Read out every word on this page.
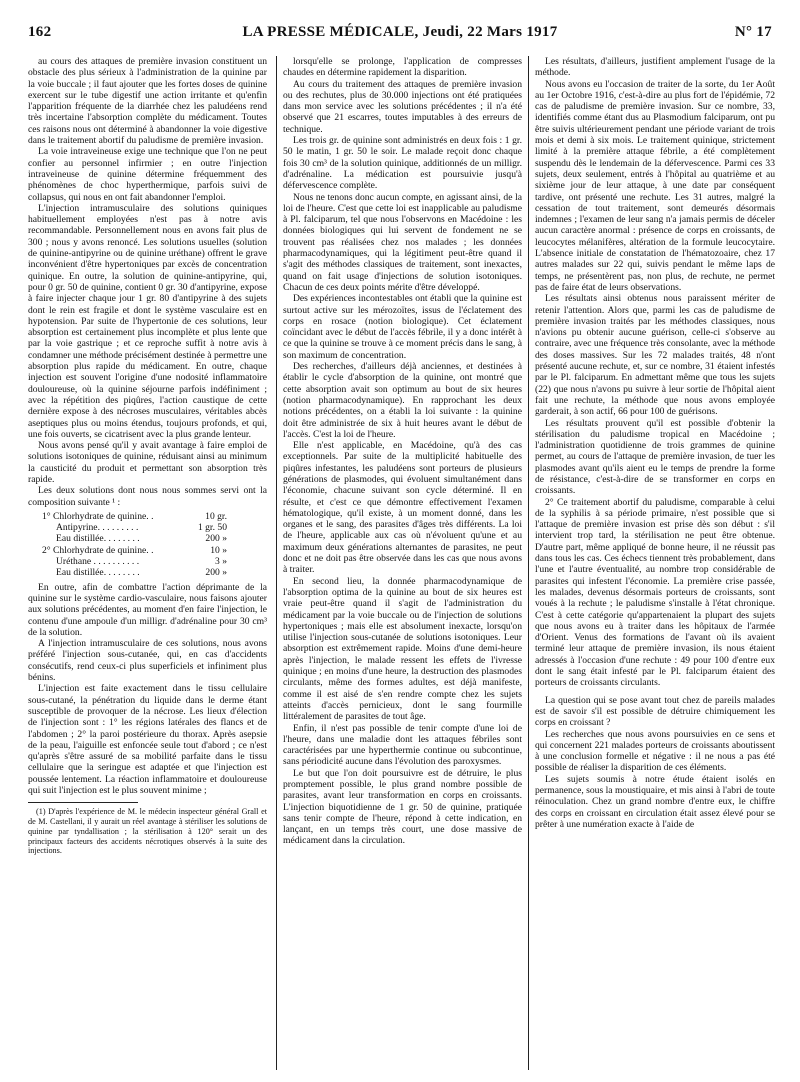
162	LA PRESSE MÉDICALE, Jeudi, 22 Mars 1917	N° 17

au cours des attaques de première invasion constituent un obstacle des plus sérieux à l'administration de la quinine par la voie buccale ; il faut ajouter que les fortes doses de quinine exercent sur le tube digestif une action irritante et qu'enfin l'apparition fréquente de la diarrhée chez les paludéens rend très incertaine l'absorption complète du médicament. Toutes ces raisons nous ont déterminé à abandonner la voie digestive dans le traitement abortif du paludisme de première invasion.

La voie intraveineuse exige une technique que l'on ne peut confier au personnel infirmier ; en outre l'injection intraveineuse de quinine détermine fréquemment des phénomènes de choc hyperthermique, parfois suivi de collapsus, qui nous en ont fait abandonner l'emploi.

L'injection intramusculaire des solutions quiniques habituellement employées n'est pas à notre avis recommandable. Personnellement nous en avons fait plus de 300 ; nous y avons renoncé. Les solutions usuelles (solution de quinine-antipyrine ou de quinine uréthane) offrent le grave inconvénient d'être hypertoniques par excès de concentration quinique. En outre, la solution de quinine-antipyrine, qui, pour 0 gr. 50 de quinine, contient 0 gr. 30 d'antipyrine, expose à faire injecter chaque jour 1 gr. 80 d'antipyrine à des sujets dont le rein est fragile et dont le système vasculaire est en hypotension. Par suite de l'hypertonie de ces solutions, leur absorption est certainement plus incomplète et plus lente que par la voie gastrique ; et ce reproche suffit à notre avis à condamner une méthode précisément destinée à permettre une absorption plus rapide du médicament. En outre, chaque injection est souvent l'origine d'une nodosité inflammatoire douloureuse, où la quinine séjourne parfois indéfiniment ; avec la répétition des piqûres, l'action caustique de cette dernière expose à des nécroses musculaires, véritables abcès aseptiques plus ou moins étendus, toujours profonds, et qui, une fois ouverts, se cicatrisent avec la plus grande lenteur.

Nous avons pensé qu'il y avait avantage à faire emploi de solutions isotoniques de quinine, réduisant ainsi au minimum la causticité du produit et permettant son absorption très rapide.

Les deux solutions dont nous nous sommes servi ont la composition suivante ¹ :

1° Chlorhydrate de quinine. .	10 gr.
Antipyrine. . . . . . . . .	1 gr. 50
Eau distillée. . . . . . . .	200 »
2° Chlorhydrate de quinine. .	10 »
Uréthane . . . . . . . . . .	3 »
Eau distillée. . . . . . . .	200 »

En outre, afin de combattre l'action déprimante de la quinine sur le système cardio-vasculaire, nous faisons ajouter aux solutions précédentes, au moment d'en faire l'injection, le contenu d'une ampoule d'un milligr. d'adrénaline pour 30 cm³ de la solution.

A l'injection intramusculaire de ces solutions, nous avons préféré l'injection sous-cutanée, qui, en cas d'accidents consécutifs, rend ceux-ci plus superficiels et infiniment plus bénins.

L'injection est faite exactement dans le tissu cellulaire sous-cutané, la pénétration du liquide dans le derme étant susceptible de provoquer de la nécrose. Les lieux d'élection de l'injection sont : 1° les régions latérales des flancs et de l'abdomen ; 2° la paroi postérieure du thorax. Après asepsie de la peau, l'aiguille est enfoncée seule tout d'abord ; ce n'est qu'après s'être assuré de sa mobilité parfaite dans le tissu cellulaire que la seringue est adaptée et que l'injection est poussée lentement. La réaction inflammatoire et douloureuse qui suit l'injection est le plus souvent minime ;

(1) D'après l'expérience de M. le médecin inspecteur général Grall et de M. Castellani, il y aurait un réel avantage à stériliser les solutions de quinine par tyndallisation ; la stérilisation à 120° serait un des principaux facteurs des accidents nécrotiques observés à la suite des injections.

lorsqu'elle se prolonge, l'application de compresses chaudes en détermine rapidement la disparition.

Au cours du traitement des attaques de première invasion ou des rechutes, plus de 30.000 injections ont été pratiquées dans mon service avec les solutions précédentes ; il n'a été observé que 21 escarres, toutes imputables à des erreurs de technique.

Les trois gr. de quinine sont administrés en deux fois : 1 gr. 50 le matin, 1 gr. 50 le soir. Le malade reçoit donc chaque fois 30 cm³ de la solution quinique, additionnés de un milligr. d'adrénaline. La médication est poursuivie jusqu'à défervescence complète.

Nous ne tenons donc aucun compte, en agissant ainsi, de la loi de l'heure. C'est que cette loi est inapplicable au paludisme à Pl. falciparum, tel que nous l'observons en Macédoine : les données biologiques qui lui servent de fondement ne se trouvent pas réalisées chez nos malades ; les données pharmacodynamiques, qui la légitiment peut-être quand il s'agit des méthodes classiques de traitement, sont inexactes, quand on fait usage d'injections de solution isotoniques. Chacun de ces deux points mérite d'être développé.

Des expériences incontestables ont établi que la quinine est surtout active sur les mérozoïtes, issus de l'éclatement des corps en rosace (notion biologique). Cet éclatement coïncidant avec le début de l'accès fébrile, il y a donc intérêt à ce que la quinine se trouve à ce moment précis dans le sang, à son maximum de concentration.

Des recherches, d'ailleurs déjà anciennes, et destinées à établir le cycle d'absorption de la quinine, ont montré que cette absorption avait son optimum au bout de six heures (notion pharmacodynamique). En rapprochant les deux notions précédentes, on a établi la loi suivante : la quinine doit être administrée de six à huit heures avant le début de l'accès. C'est la loi de l'heure.

Elle n'est applicable, en Macédoine, qu'à des cas exceptionnels. Par suite de la multiplicité habituelle des piqûres infestantes, les paludéens sont porteurs de plusieurs générations de plasmodes, qui évoluent simultanément dans l'économie, chacune suivant son cycle déterminé. Il en résulte, et c'est ce que démontre effectivement l'examen hématologique, qu'il existe, à un moment donné, dans les organes et le sang, des parasites d'âges très différents. La loi de l'heure, applicable aux cas où n'évoluent qu'une et au maximum deux générations alternantes de parasites, ne peut donc et ne doit pas être observée dans les cas que nous avons à traiter.

En second lieu, la donnée pharmacodynamique de l'absorption optima de la quinine au bout de six heures est vraie peut-être quand il s'agit de l'administration du médicament par la voie buccale ou de l'injection de solutions hypertoniques ; mais elle est absolument inexacte, lorsqu'on utilise l'injection sous-cutanée de solutions isotoniques. Leur absorption est extrêmement rapide. Moins d'une demi-heure après l'injection, le malade ressent les effets de l'ivresse quinique ; en moins d'une heure, la destruction des plasmodes circulants, même des formes adultes, est déjà manifeste, comme il est aisé de s'en rendre compte chez les sujets atteints d'accès pernicieux, dont le sang fourmille littéralement de parasites de tout âge.

Enfin, il n'est pas possible de tenir compte d'une loi de l'heure, dans une maladie dont les attaques fébriles sont caractérisées par une hyperthermie continue ou subcontinue, sans périodicité aucune dans l'évolution des paroxysmes.

Le but que l'on doit poursuivre est de détruire, le plus promptement possible, le plus grand nombre possible de parasites, avant leur transformation en corps en croissants. L'injection biquotidienne de 1 gr. 50 de quinine, pratiquée sans tenir compte de l'heure, répond à cette indication, en lançant, en un temps très court, une dose massive de médicament dans la circulation.

Les résultats, d'ailleurs, justifient amplement l'usage de la méthode.

Nous avons eu l'occasion de traiter de la sorte, du 1er Août au 1er Octobre 1916, c'est-à-dire au plus fort de l'épidémie, 72 cas de paludisme de première invasion. Sur ce nombre, 33, identifiés comme étant dus au Plasmodium falciparum, ont pu être suivis ultérieurement pendant une période variant de trois mois et demi à six mois. Le traitement quinique, strictement limité à la première attaque fébrile, a été complètement suspendu dès le lendemain de la défervescence. Parmi ces 33 sujets, deux seulement, entrés à l'hôpital au quatrième et au sixième jour de leur attaque, à une date par conséquent tardive, ont présenté une rechute. Les 31 autres, malgré la cessation de tout traitement, sont demeurés désormais indemnes ; l'examen de leur sang n'a jamais permis de déceler aucun caractère anormal : présence de corps en croissants, de leucocytes mélanifères, altération de la formule leucocytaire. L'absence initiale de constatation de l'hématozoaire, chez 17 autres malades sur 22 qui, suivis pendant le même laps de temps, ne présentèrent pas, non plus, de rechute, ne permet pas de faire état de leurs observations.

Les résultats ainsi obtenus nous paraissent mériter de retenir l'attention. Alors que, parmi les cas de paludisme de première invasion traités par les méthodes classiques, nous n'avions pu obtenir aucune guérison, celle-ci s'observe au contraire, avec une fréquence très consolante, avec la méthode des doses massives. Sur les 72 malades traités, 48 n'ont présenté aucune rechute, et, sur ce nombre, 31 étaient infestés par le Pl. falciparum. En admettant même que tous les sujets (22) que nous n'avons pu suivre à leur sortie de l'hôpital aient fait une rechute, la méthode que nous avons employée garderait, à son actif, 66 pour 100 de guérisons.

Les résultats prouvent qu'il est possible d'obtenir la stérilisation du paludisme tropical en Macédoine ; l'administration quotidienne de trois grammes de quinine permet, au cours de l'attaque de première invasion, de tuer les plasmodes avant qu'ils aient eu le temps de prendre la forme de résistance, c'est-à-dire de se transformer en corps en croissants.

2° Ce traitement abortif du paludisme, comparable à celui de la syphilis à sa période primaire, n'est possible que si l'attaque de première invasion est prise dès son début : s'il intervient trop tard, la stérilisation ne peut être obtenue. D'autre part, même appliqué de bonne heure, il ne réussit pas dans tous les cas. Ces échecs tiennent très probablement, dans l'une et l'autre éventualité, au nombre trop considérable de parasites qui infestent l'économie. La première crise passée, les malades, devenus désormais porteurs de croissants, sont voués à la rechute ; le paludisme s'installe à l'état chronique. C'est à cette catégorie qu'appartenaient la plupart des sujets que nous avons eu à traiter dans les hôpitaux de l'armée d'Orient. Venus des formations de l'avant où ils avaient terminé leur attaque de première invasion, ils nous étaient adressés à l'occasion d'une rechute : 49 pour 100 d'entre eux dont le sang était infesté par le Pl. falciparum étaient des porteurs de croissants circulants.

La question qui se pose avant tout chez de pareils malades est de savoir s'il est possible de détruire chimiquement les corps en croissant ?

Les recherches que nous avons poursuivies en ce sens et qui concernent 221 malades porteurs de croissants aboutissent à une conclusion formelle et négative : il ne nous a pas été possible de réaliser la disparition de ces éléments.

Les sujets soumis à notre étude étaient isolés en permanence, sous la moustiquaire, et mis ainsi à l'abri de toute réinoculation. Chez un grand nombre d'entre eux, le chiffre des corps en croissant en circulation était assez élevé pour se prêter à une numération exacte à l'aide de
